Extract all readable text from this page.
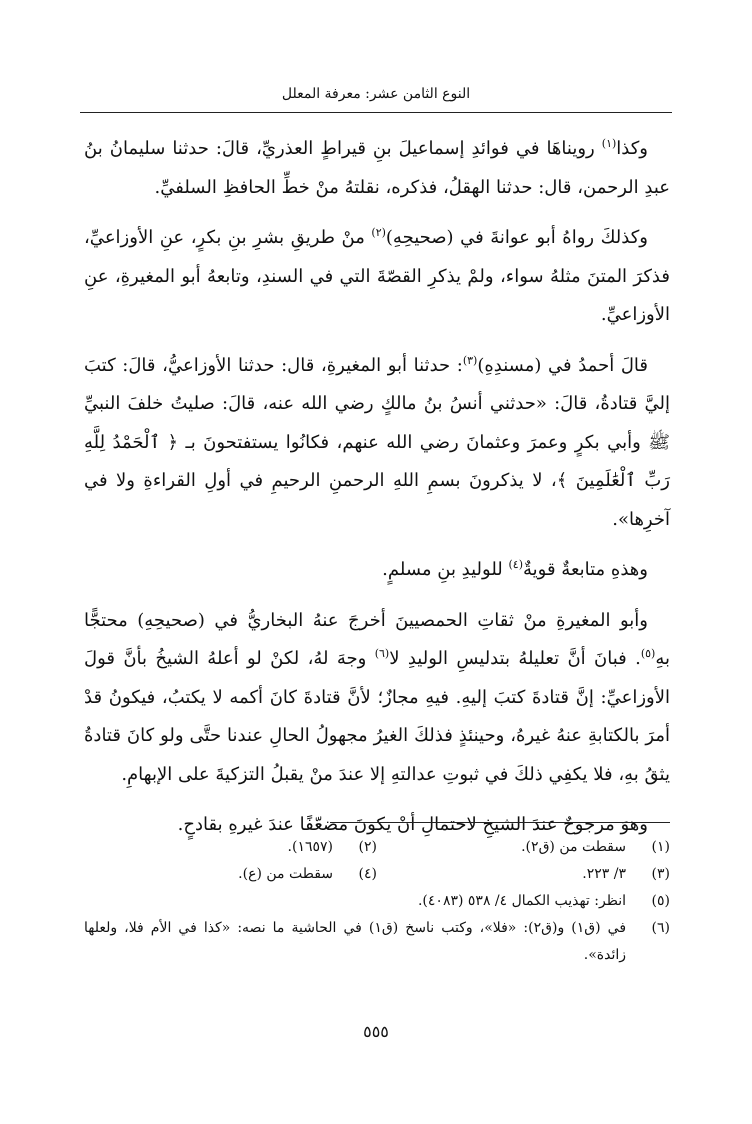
النوع الثامن عشر: معرفة المعلل

وكذا$^{(١)}$ رويناهَا في فوائدِ إسماعيلَ بنِ قيراطٍ العذريِّ، قالَ: حدثنا سليمانُ بنُ عبدِ الرحمن، قال: حدثنا الهقلُ، فذكره، نقلتهُ منْ خطِّ الحافظِ السلفيِّ.

وكذلكَ رواهُ أبو عوانةَ في (صحيحِهِ)$^{(٢)}$ منْ طريقِ بشرِ بنِ بكرٍ، عنِ الأوزاعيِّ، فذكرَ المتنَ مثلهُ سواء، ولمْ يذكرِ القصّةَ التي في السندِ، وتابعهُ أبو المغيرةِ، عنِ الأوزاعيِّ.

قالَ أحمدُ في (مسندِهِ)$^{(٣)}$: حدثنا أبو المغيرةِ، قال: حدثنا الأوزاعيُّ، قالَ: كتبَ إليَّ قتادةُ، قالَ: «حدثني أنسُ بنُ مالكٍ رضي الله عنه، قالَ: صليتُ خلفَ النبيِّ ﷺ وأبي بكرٍ وعمرَ وعثمانَ رضي الله عنهم، فكانُوا يستفتحونَ بـ ﴿ ٱلْحَمْدُ لِلَّهِ رَبِّ ٱلْعَٰلَمِينَ ﴾، لا يذكرونَ بسمِ اللهِ الرحمنِ الرحيمِ في أولِ القراءةِ ولا في آخرِها».

وهذهِ متابعةٌ قويةٌ$^{(٤)}$ للوليدِ بنِ مسلمٍ.

وأبو المغيرةِ منْ ثقاتِ الحمصيينَ أخرجَ عنهُ البخاريُّ في (صحيحِهِ) محتجًّا بهِ$^{(٥)}$. فبانَ أنَّ تعليلهُ بتدليسِ الوليدِ لا$^{(٦)}$ وجهَ لهُ، لكنْ لو أعلهُ الشيخُ بأنَّ قولَ الأوزاعيِّ: إنَّ قتادةَ كتبَ إليهِ. فيهِ مجازٌ؛ لأنَّ قتادةَ كانَ أكمه لا يكتبُ، فيكونُ قدْ أمرَ بالكتابةِ عنهُ غيرهُ، وحينئذٍ فذلكَ الغيرُ مجهولُ الحالِ عندنا حتَّى ولو كانَ قتادةُ يثقُ بهِ، فلا يكفِي ذلكَ في ثبوتِ عدالتهِ إلا عندَ منْ يقبلُ التزكيةَ على الإبهامِ.

وهوَ مرجوحٌ عندَ الشيخِ لاحتمالِ أنْ يكونَ مضعّفًا عندَ غيرهِ بقادحٍ.

(١)
سقطت من (ق٢).
(٢)
(١٦٥٧).
(٣)
٣/ ٢٢٣.
(٤)
سقطت من (ع).
(٥)
انظر: تهذيب الكمال ٤/ ٥٣٨ (٤٠٨٣).
(٦)
في (ق١) و(ق٢): «فلا»، وكتب ناسخ (ق١) في الحاشية ما نصه: «كذا في الأم فلا، ولعلها زائدة».
٥٥٥
